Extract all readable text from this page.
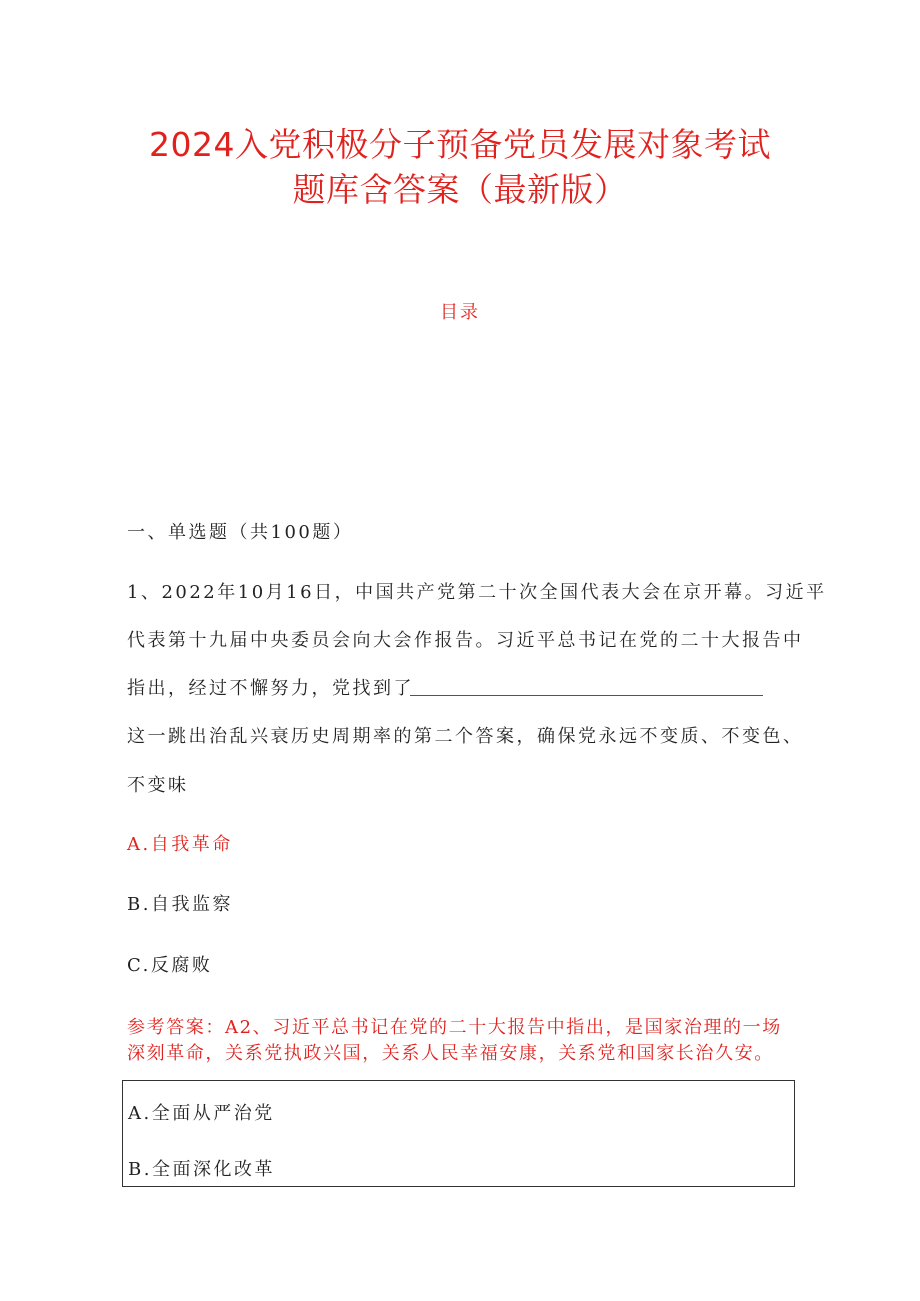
2024入党积极分子预备党员发展对象考试
题库含答案（最新版）
目录
一、单选题（共100题）
1、2022年10月16日，中国共产党第二十次全国代表大会在京开幕。习近平
代表第十九届中央委员会向大会作报告。习近平总书记在党的二十大报告中
指出，经过不懈努力，党找到了
这一跳出治乱兴衰历史周期率的第二个答案，确保党永远不变质、不变色、
不变味
A.自我革命
B.自我监察
C.反腐败
参考答案：A2、习近平总书记在党的二十大报告中指出，是国家治理的一场
深刻革命，关系党执政兴国，关系人民幸福安康，关系党和国家长治久安。
A.全面从严治党
B.全面深化改革
